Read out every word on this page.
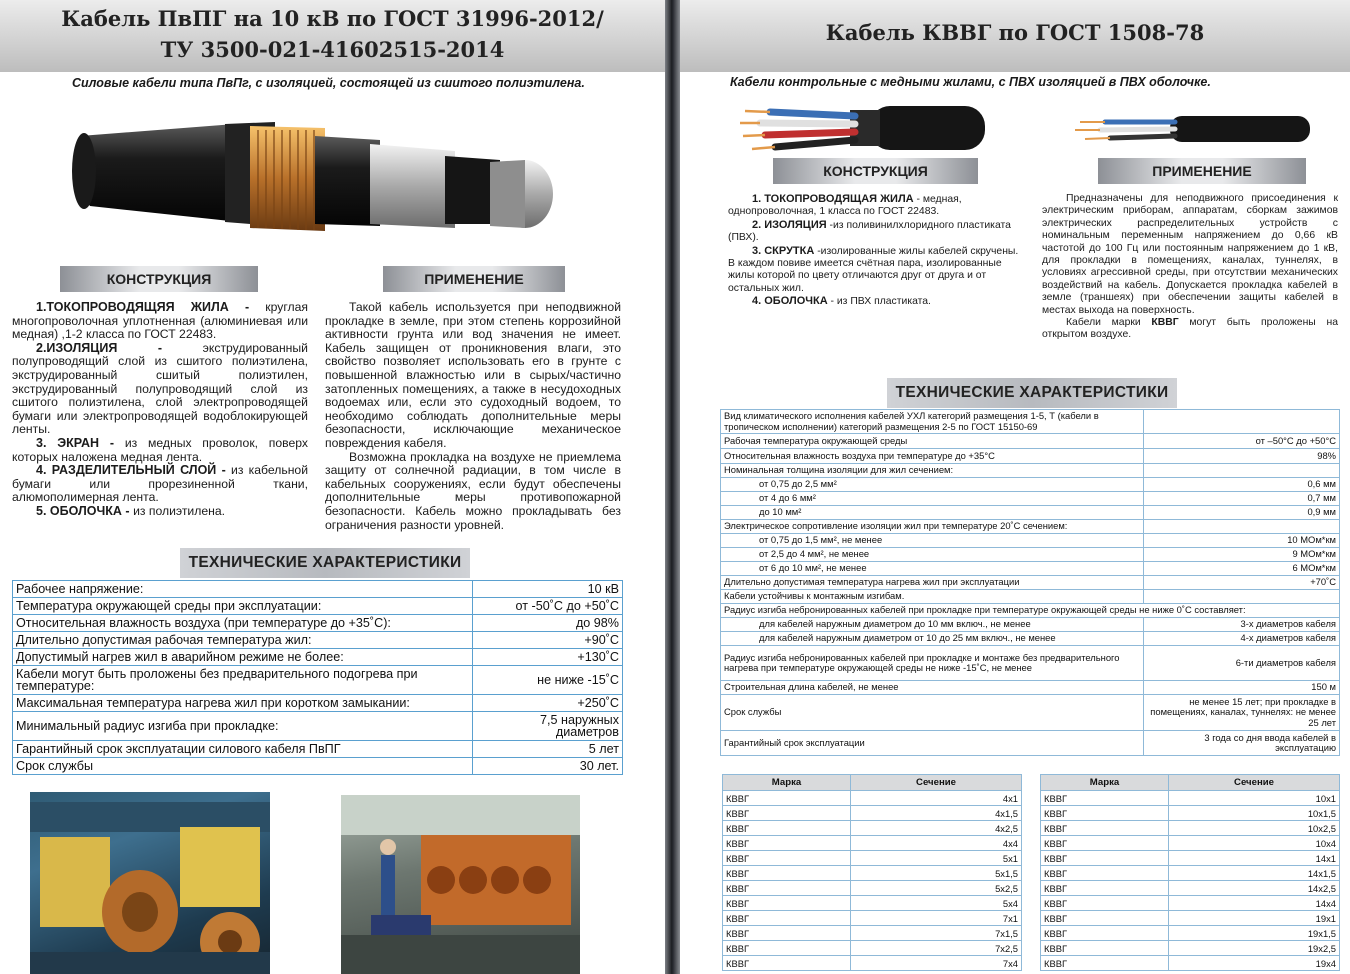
Кабель ПвПГ на 10 кВ по ГОСТ 31996-2012/
ТУ 3500-021-41602515-2014
Силовые кабели типа ПвПг, с изоляцией, состоящей из сшитого полиэтилена.
КОНСТРУКЦИЯ	ПРИМЕНЕНИЕ

1.ТОКОПРОВОДЯЩЯЯ ЖИЛА - круглая многопроволочная уплотненная (алюминиевая или медная) ,1-2 класса по ГОСТ 22483.

2.ИЗОЛЯЦИЯ - экструдированный полупроводящий слой из сшитого полиэтилена, экструдированный сшитый полиэтилен, экструдированный полупроводящий слой из сшитого полиэтилена, слой электропроводящей бумаги или электропроводящей водоблокирующей ленты.

3. ЭКРАН - из медных проволок, поверх которых наложена медная лента.

4. РАЗДЕЛИТЕЛЬНЫЙ СЛОЙ - из кабельной бумаги или прорезиненной ткани, алюмополимерная лента.

5. ОБОЛОЧКА - из полиэтилена.

Такой кабель используется при неподвижной прокладке в земле, при этом степень коррозийной активности грунта или вод значения не имеет. Кабель защищен от проникновения влаги, это свойство позволяет использовать его в грунте с повышенной влажностью или в сырых/частично затопленных помещениях, а также в несудоходных водоемах или, если это судоходный водоем, то необходимо соблюдать дополнительные меры безопасности, исключающие механическое повреждения кабеля.

Возможна прокладка на воздухе не приемлема защиту от солнечной радиации, в том числе в кабельных сооружениях, если будут обеспечены дополнительные меры противопожарной безопасности. Кабель можно прокладывать без ограничения разности уровней.

ТЕХНИЧЕСКИЕ ХАРАКТЕРИСТИКИ
Рабочее напряжение:	10 кВ
Температура окружающей среды при эксплуатации:	от -50˚С до +50˚С
Относительная влажность воздуха (при температуре до +35˚С):	до 98%
Длительно допустимая рабочая температура жил:	+90˚С
Допустимый нагрев жил в аварийном режиме не более:	+130˚С
Кабели могут быть проложены без предварительного подогрева при температуре:	не ниже -15˚С
Максимальная температура нагрева жил при коротком замыкании:	+250˚С
Минимальный радиус изгиба при прокладке:	7,5 наружных диаметров
Гарантийный срок эксплуатации силового кабеля ПвПГ	5 лет
Срок службы	30 лет.
Кабель КВВГ по ГОСТ 1508-78
Кабели контрольные с медными жилами, с ПВХ изоляцией в ПВХ оболочке.
КОНСТРУКЦИЯ	ПРИМЕНЕНИЕ

1. ТОКОПРОВОДЯЩАЯ ЖИЛА - медная, однопроволочная, 1 класса по ГОСТ 22483.

2. ИЗОЛЯЦИЯ -из поливинилхлоридного пластиката (ПВХ).

3. СКРУТКА -изолированные жилы кабелей скручены. В каждом повиве имеется счётная пара, изолированные жилы которой по цвету отличаются друг от друга и от остальных жил.

4. ОБОЛОЧКА - из ПВХ пластиката.

Предназначены для неподвижного присоединения к электрическим приборам, аппаратам, сборкам зажимов электрических распределительных устройств с номинальным переменным напряжением до 0,66 кВ частотой до 100 Гц или постоянным напряжением до 1 кВ, для прокладки в помещениях, каналах, туннелях, в условиях агрессивной среды, при отсутствии механических воздействий на кабель. Допускается прокладка кабелей в земле (траншеях) при обеспечении защиты кабелей в местах выхода на поверхность.

Кабели марки КВВГ могут быть проложены на открытом воздухе.

ТЕХНИЧЕСКИЕ ХАРАКТЕРИСТИКИ
Вид климатического исполнения кабелей УХЛ категорий размещения 1-5, Т (кабели в тропическом исполнении) категорий размещения 2-5 по ГОСТ 15150-69	
Рабочая температура окружающей среды	от –50°С до +50°С
Относительная влажность воздуха при температуре до +35°С	98%
Номинальная толщина изоляции для жил сечением:	
от 0,75 до 2,5 мм²	0,6 мм
от 4 до 6 мм²	0,7 мм
до 10 мм²	0,9 мм
Электрическое сопротивление изоляции жил при температуре 20˚С сечением:	
от 0,75 до 1,5 мм², не менее	10 МОм*км
от 2,5 до 4 мм², не менее	9 МОм*км
от 6 до 10 мм², не менее	6 МОм*км
Длительно допустимая температура нагрева жил при эксплуатации	+70˚С
Кабели устойчивы к монтажным изгибам.	
Радиус изгиба небронированных кабелей при прокладке при температуре окружающей среды не ниже 0˚С составляет:	
для кабелей наружным диаметром до 10 мм включ., не менее	3-х диаметров кабеля
для кабелей наружным диаметром от 10 до 25 мм включ., не менее	4-х диаметров кабеля
Радиус изгиба небронированных кабелей при прокладке и монтаже без предварительного нагрева при температуре окружающей среды не ниже -15˚С, не менее	6-ти диаметров кабеля
Строительная длина кабелей, не менее	150 м
Срок службы	не менее 15 лет; при прокладке в помещениях, каналах, туннелях: не менее 25 лет
Гарантийный срок эксплуатации	3 года со дня ввода кабелей в эксплуатацию
Марка	Сечение
КВВГ	4х1
КВВГ	4х1,5
КВВГ	4х2,5
КВВГ	4х4
КВВГ	5х1
КВВГ	5х1,5
КВВГ	5х2,5
КВВГ	5х4
КВВГ	7х1
КВВГ	7х1,5
КВВГ	7х2,5
КВВГ	7х4
Марка	Сечение
КВВГ	10х1
КВВГ	10х1,5
КВВГ	10х2,5
КВВГ	10х4
КВВГ	14х1
КВВГ	14х1,5
КВВГ	14х2,5
КВВГ	14х4
КВВГ	19х1
КВВГ	19х1,5
КВВГ	19х2,5
КВВГ	19х4
